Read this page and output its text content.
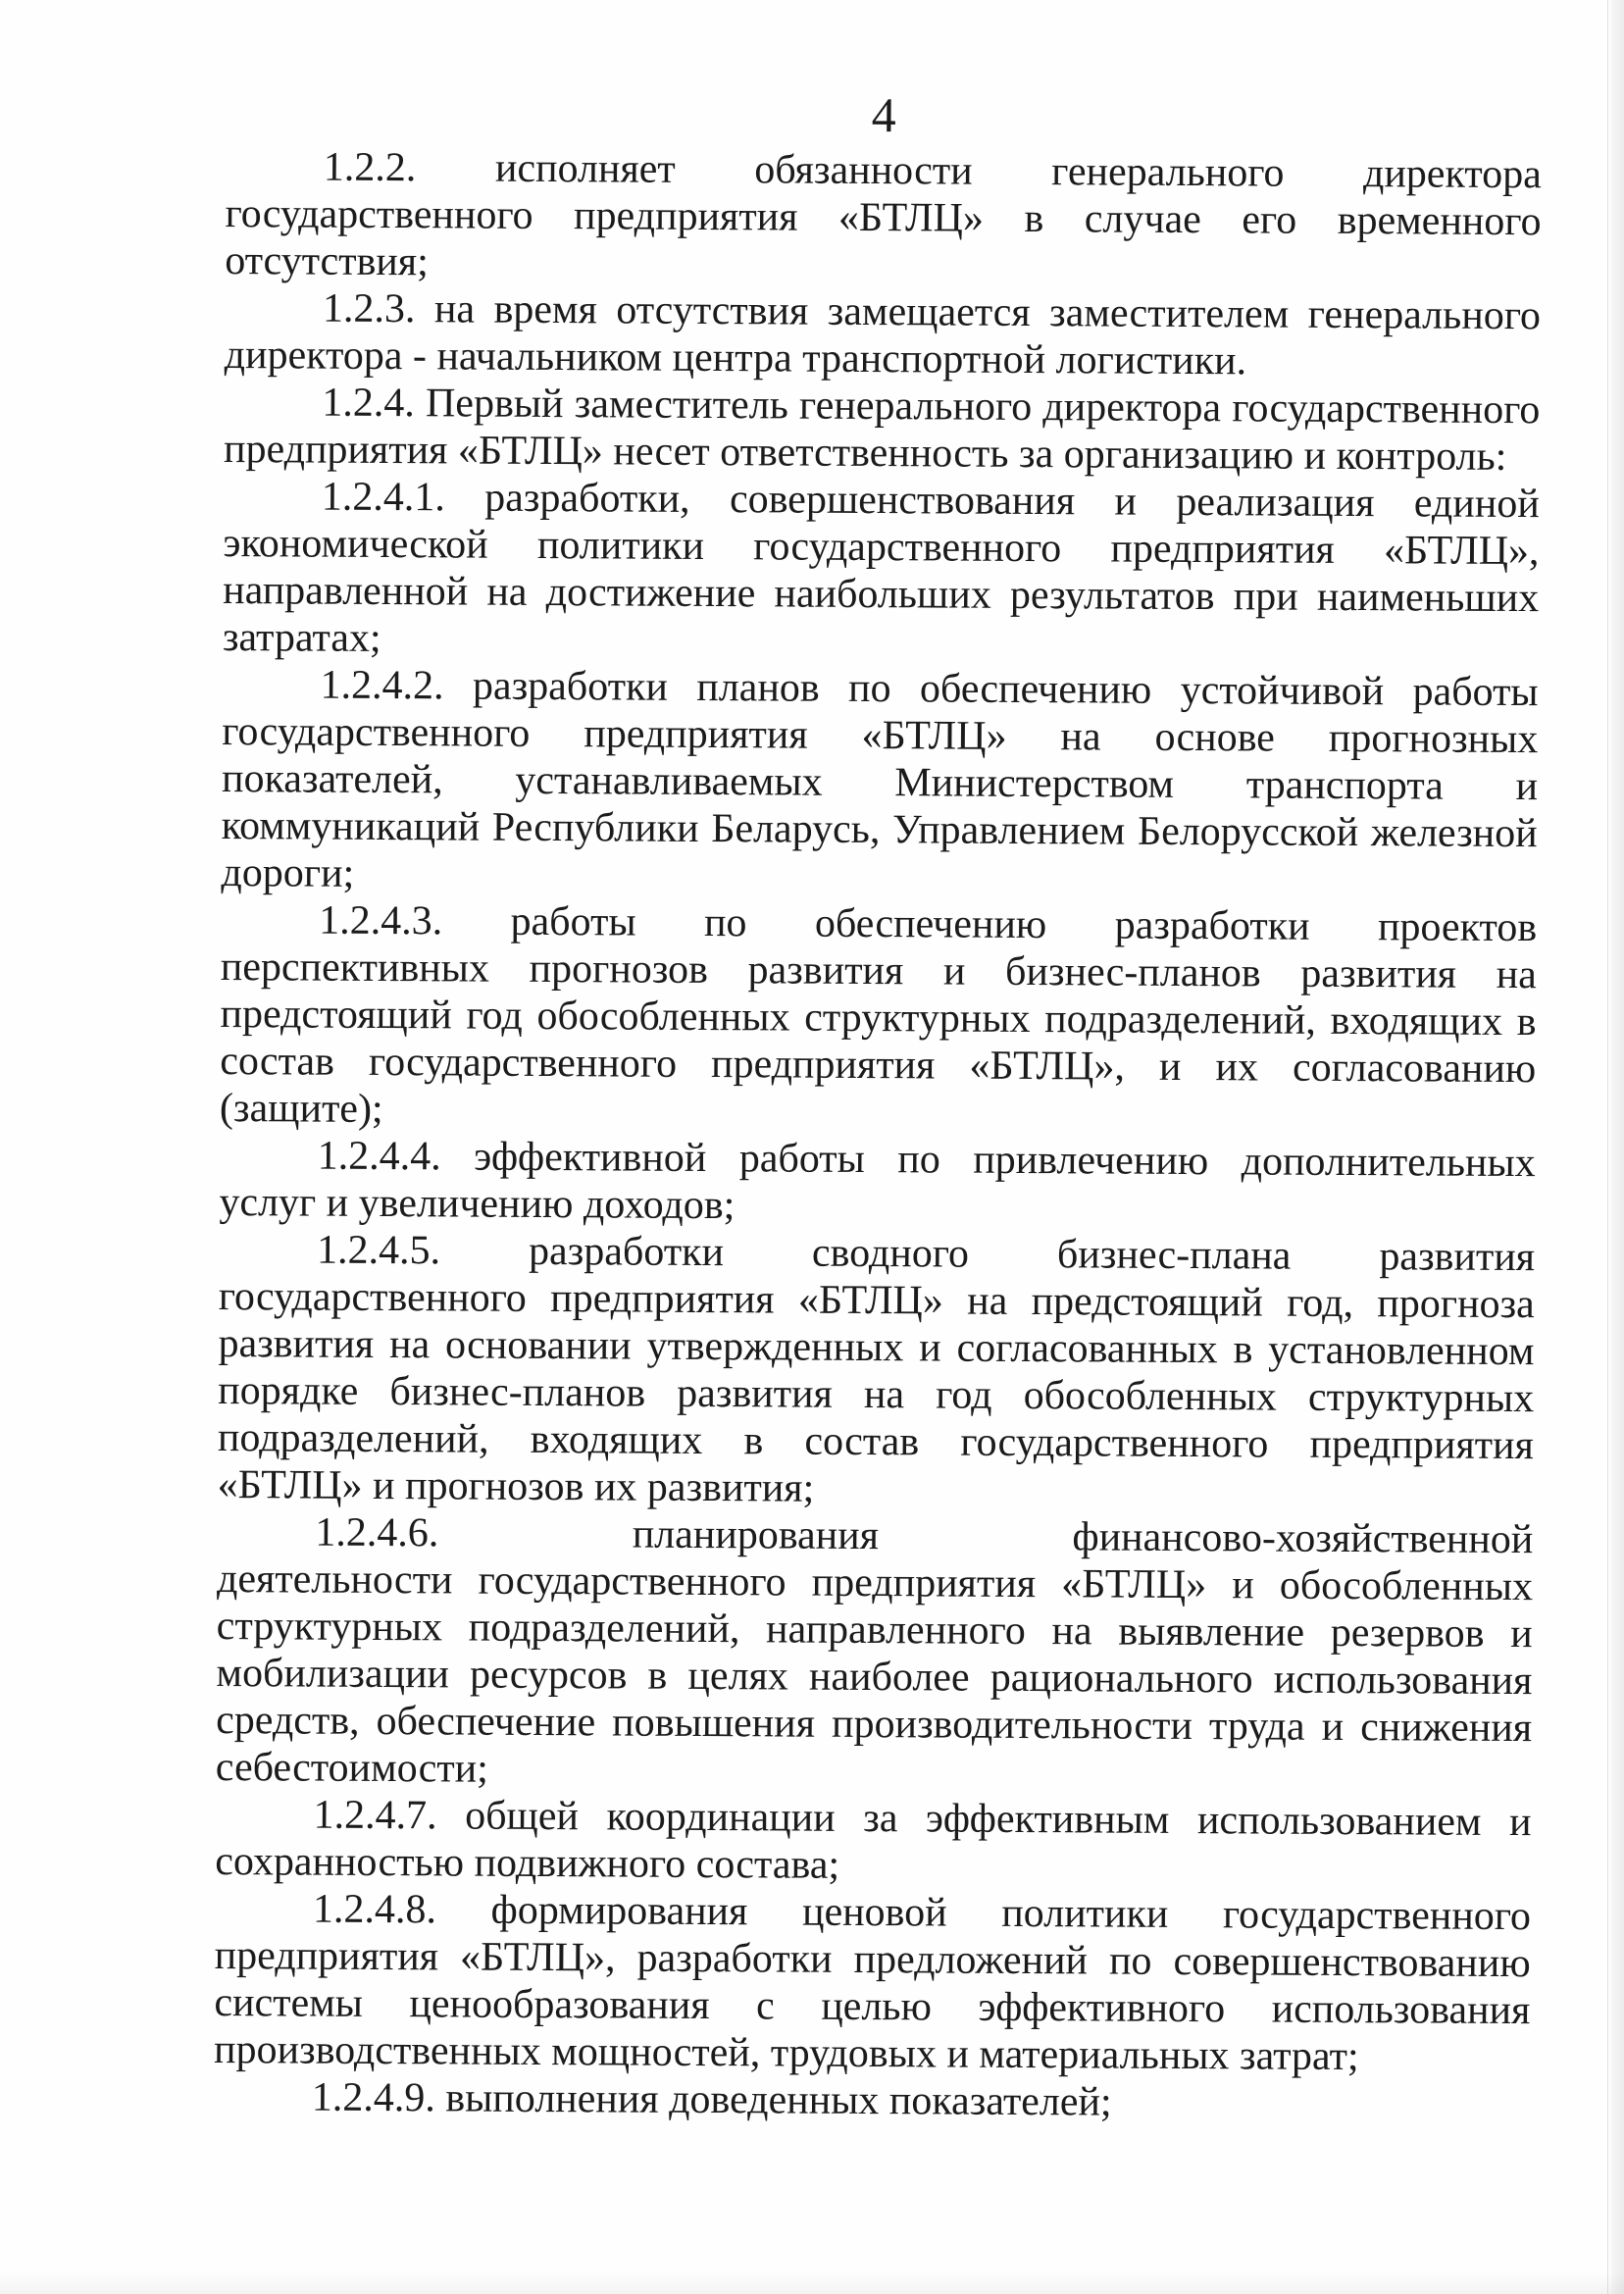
4
1.2.2. исполняет обязанности генерального директора
государственного предприятия «БТЛЦ» в случае его временного
отсутствия;
1.2.3. на время отсутствия замещается заместителем генерального
директора - начальником центра транспортной логистики.
1.2.4. Первый заместитель генерального директора государственного
предприятия «БТЛЦ» несет ответственность за организацию и контроль:
1.2.4.1. разработки, совершенствования и реализация единой
экономической политики государственного предприятия «БТЛЦ»,
направленной на достижение наибольших результатов при наименьших
затратах;
1.2.4.2. разработки планов по обеспечению устойчивой работы
государственного предприятия «БТЛЦ» на основе прогнозных
показателей, устанавливаемых Министерством транспорта и
коммуникаций Республики Беларусь, Управлением Белорусской железной
дороги;
1.2.4.3. работы по обеспечению разработки проектов
перспективных прогнозов развития и бизнес-планов развития на
предстоящий год обособленных структурных подразделений, входящих в
состав государственного предприятия «БТЛЦ», и их согласованию
(защите);
1.2.4.4. эффективной работы по привлечению дополнительных
услуг и увеличению доходов;
1.2.4.5. разработки сводного бизнес-плана развития
государственного предприятия «БТЛЦ» на предстоящий год, прогноза
развития на основании утвержденных и согласованных в установленном
порядке бизнес-планов развития на год обособленных структурных
подразделений, входящих в состав государственного предприятия
«БТЛЦ» и прогнозов их развития;
1.2.4.6. планирования финансово-хозяйственной
деятельности государственного предприятия «БТЛЦ» и обособленных
структурных подразделений, направленного на выявление резервов и
мобилизации ресурсов в целях наиболее рационального использования
средств, обеспечение повышения производительности труда и снижения
себестоимости;
1.2.4.7. общей координации за эффективным использованием и
сохранностью подвижного состава;
1.2.4.8. формирования ценовой политики государственного
предприятия «БТЛЦ», разработки предложений по совершенствованию
системы ценообразования с целью эффективного использования
производственных мощностей, трудовых и материальных затрат;
1.2.4.9. выполнения доведенных показателей;
